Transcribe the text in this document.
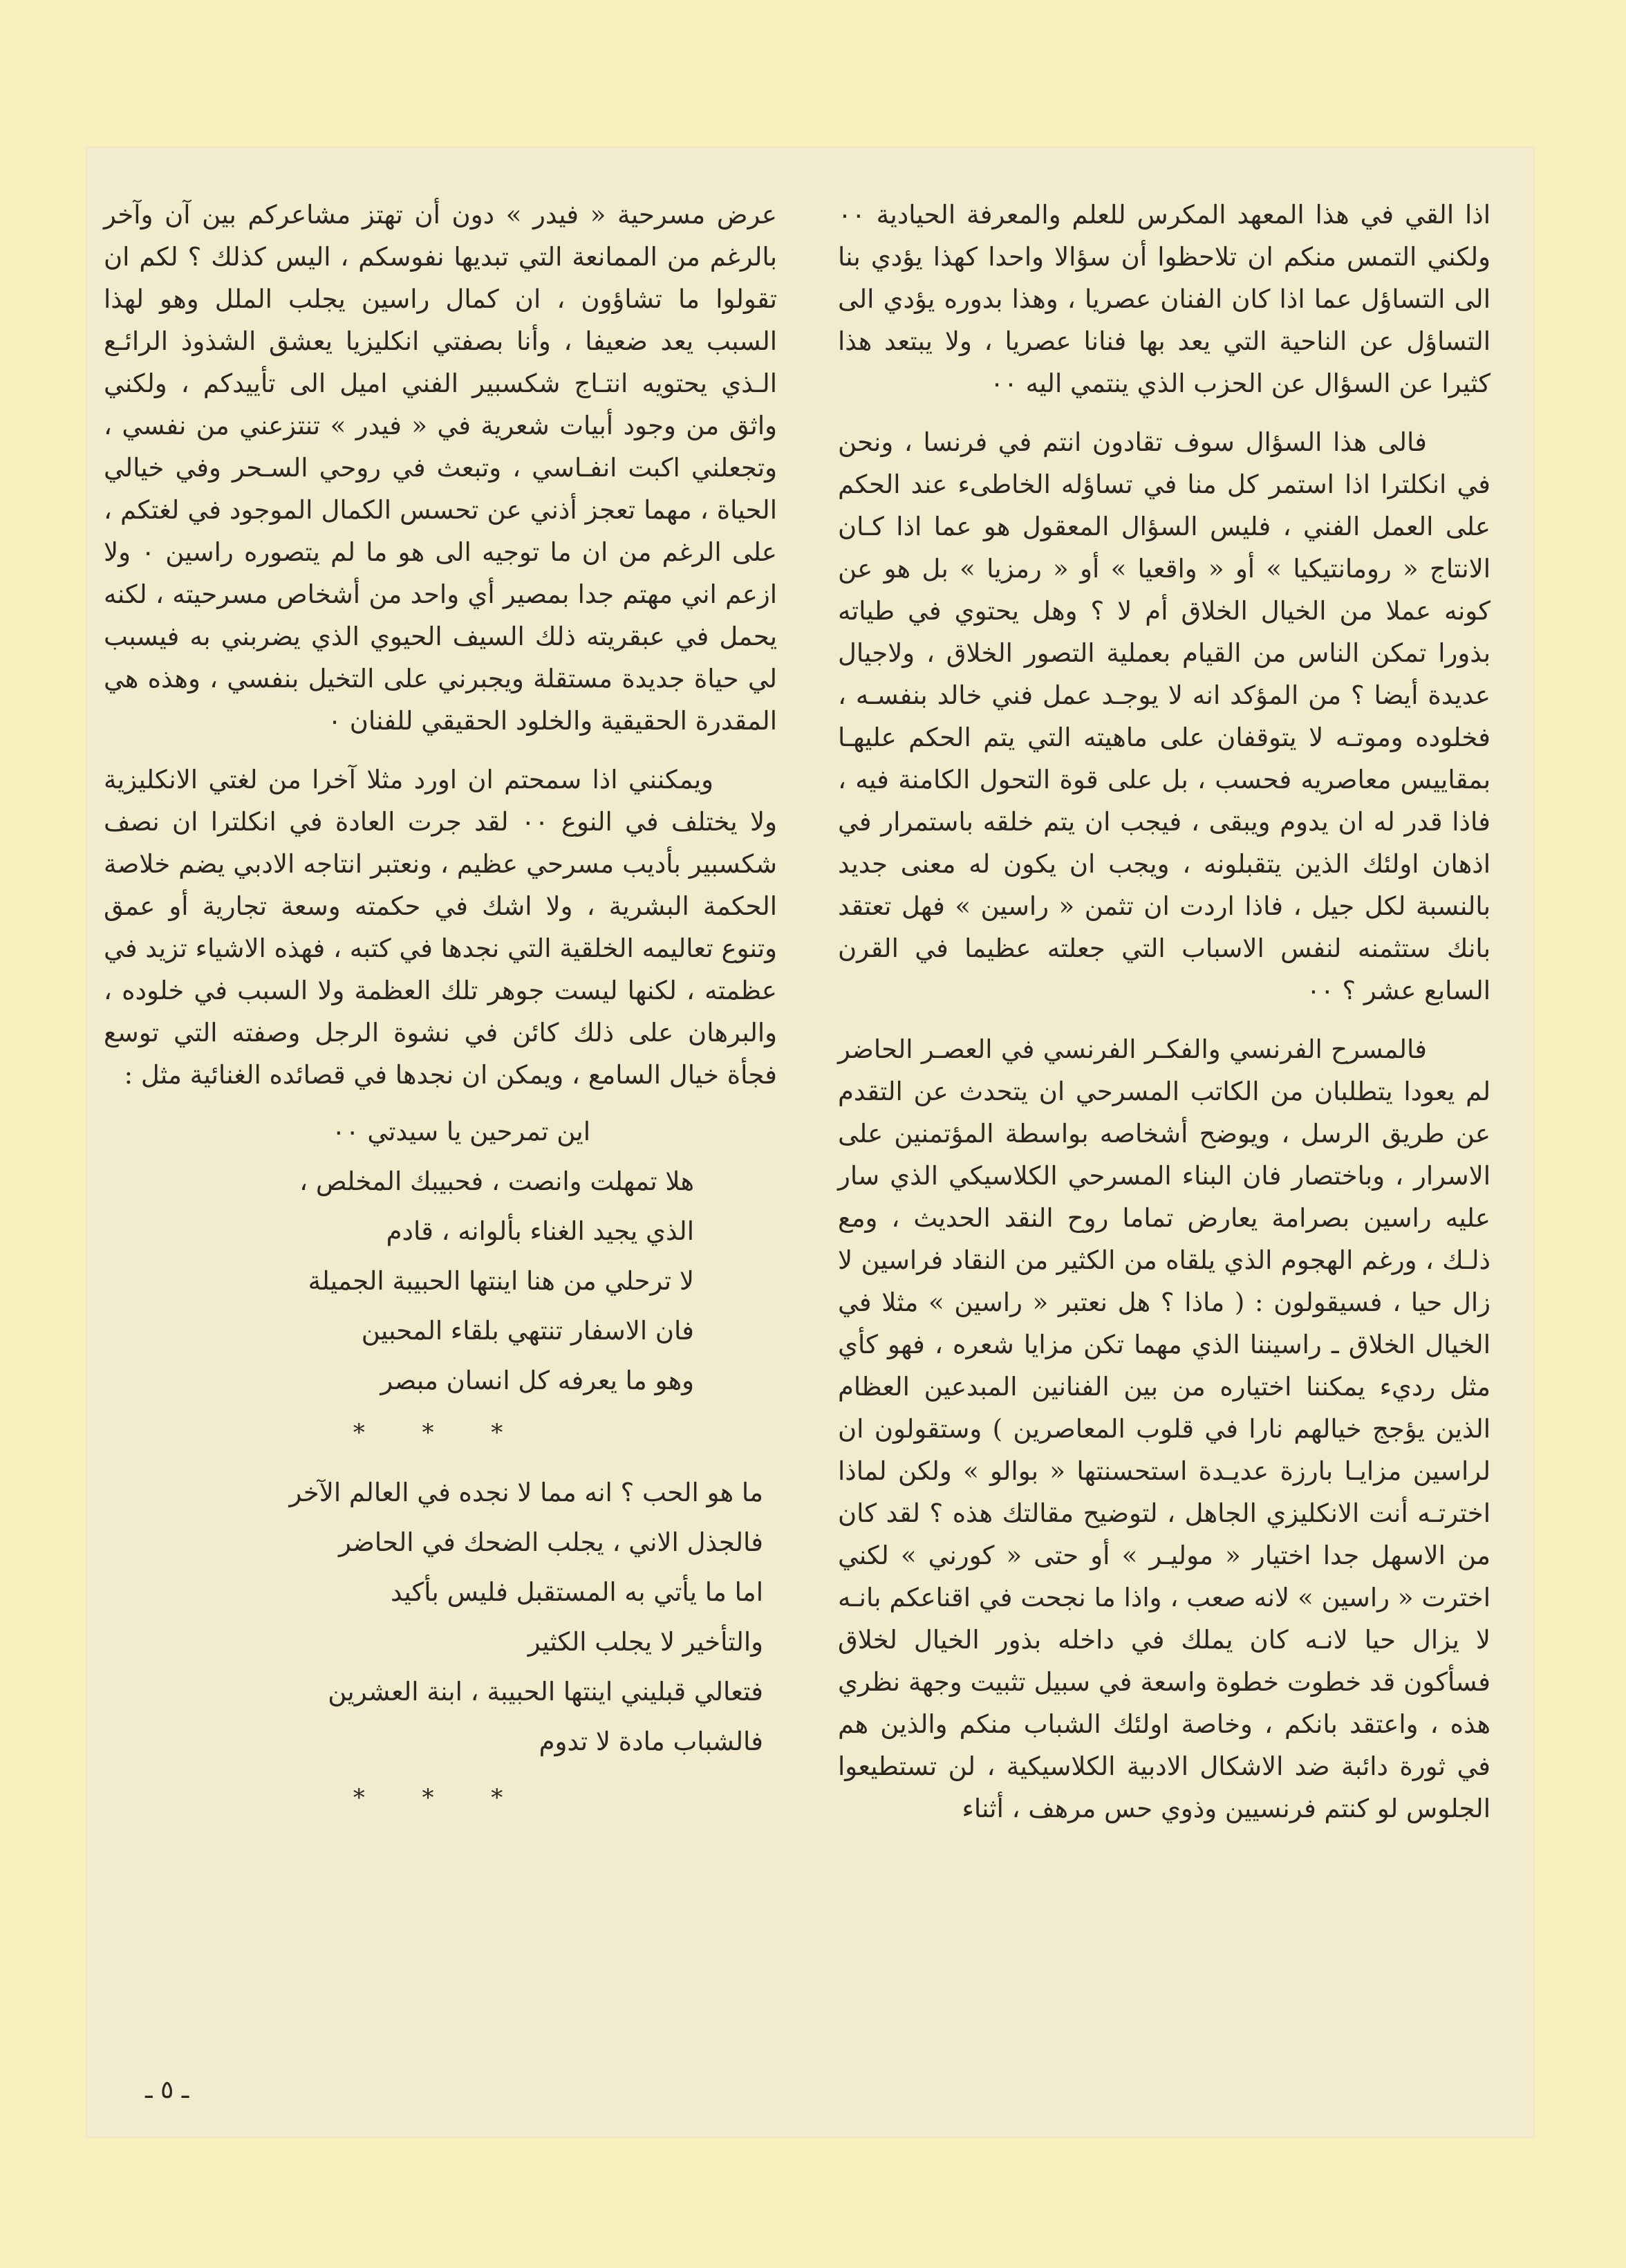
اذا القي في هذا المعهد المكرس للعلم والمعرفة الحيادية ٠٠ ولكني التمس منكم ان تلاحظوا أن سؤالا واحدا كهذا يؤدي بنا الى التساؤل عما اذا كان الفنان عصريا ، وهذا بدوره يؤدي الى التساؤل عن الناحية التي يعد بها فنانا عصريا ، ولا يبتعد هذا كثيرا عن السؤال عن الحزب الذي ينتمي اليه ٠٠

فالى هذا السؤال سوف تقادون انتم في فرنسا ، ونحن في انكلترا اذا استمر كل منا في تساؤله الخاطىء عند الحكم على العمل الفني ، فليس السؤال المعقول هو عما اذا كـان الانتاج « رومانتيكيا » أو « واقعيا » أو « رمزيا » بل هو عن كونه عملا من الخيال الخلاق أم لا ؟ وهل يحتوي في طياته بذورا تمكن الناس من القيام بعملية التصور الخلاق ، ولاجيال عديدة أيضا ؟ من المؤكد انه لا يوجـد عمل فني خالد بنفسـه ، فخلوده وموتـه لا يتوقفان على ماهيته التي يتم الحكم عليهـا بمقاييس معاصريه فحسب ، بل على قوة التحول الكامنة فيه ، فاذا قدر له ان يدوم ويبقى ، فيجب ان يتم خلقه باستمرار في اذهان اولئك الذين يتقبلونه ، ويجب ان يكون له معنى جديد بالنسبة لكل جيل ، فاذا اردت ان تثمن « راسين » فهل تعتقد بانك ستثمنه لنفس الاسباب التي جعلته عظيما في القرن السابع عشر ؟ ٠٠

فالمسرح الفرنسي والفكـر الفرنسي في العصـر الحاضر لم يعودا يتطلبان من الكاتب المسرحي ان يتحدث عن التقدم عن طريق الرسل ، ويوضح أشخاصه بواسطة المؤتمنين على الاسرار ، وباختصار فان البناء المسرحي الكلاسيكي الذي سار عليه راسين بصرامة يعارض تماما روح النقد الحديث ، ومع ذلـك ، ورغم الهجوم الذي يلقاه من الكثير من النقاد فراسين لا زال حيا ، فسيقولون : ( ماذا ؟ هل نعتبر « راسين » مثلا في الخيال الخلاق ـ راسيننا الذي مهما تكن مزايا شعره ، فهو كأي مثل رديء يمكننا اختياره من بين الفنانين المبدعين العظام الذين يؤجج خيالهم نارا في قلوب المعاصرين ) وستقولون ان لراسين مزايـا بارزة عديـدة استحسنتها « بوالو » ولكن لماذا اخترتـه أنت الانكليزي الجاهل ، لتوضيح مقالتك هذه ؟ لقد كان من الاسهل جدا اختيار « موليـر » أو حتى « كورني » لكني اخترت « راسين » لانه صعب ، واذا ما نجحت في اقناعكم بانـه لا يزال حيا لانـه كان يملك في داخله بذور الخيال لخلاق فسأكون قد خطوت خطوة واسعة في سبيل تثبيت وجهة نظري هذه ، واعتقد بانكم ، وخاصة اولئك الشباب منكم والذين هم في ثورة دائبة ضد الاشكال الادبية الكلاسيكية ، لن تستطيعوا الجلوس لو كنتم فرنسيين وذوي حس مرهف ، أثناء

عرض مسرحية « فيدر » دون أن تهتز مشاعركم بين آن وآخر بالرغم من الممانعة التي تبديها نفوسكم ، اليس كذلك ؟ لكم ان تقولوا ما تشاؤون ، ان كمال راسين يجلب الملل وهو لهذا السبب يعد ضعيفا ، وأنا بصفتي انكليزيا يعشق الشذوذ الرائـع الـذي يحتويه انتـاج شكسبير الفني اميل الى تأييدكم ، ولكني واثق من وجود أبيات شعرية في « فيدر » تنتزعني من نفسي ، وتجعلني اكبت انفـاسي ، وتبعث في روحي السـحر وفي خيالي الحياة ، مهما تعجز أذني عن تحسس الكمال الموجود في لغتكم ، على الرغم من ان ما توجيه الى هو ما لم يتصوره راسين ٠ ولا ازعم اني مهتم جدا بمصير أي واحد من أشخاص مسرحيته ، لكنه يحمل في عبقريته ذلك السيف الحيوي الذي يضربني به فيسبب لي حياة جديدة مستقلة ويجبرني على التخيل بنفسي ، وهذه هي المقدرة الحقيقية والخلود الحقيقي للفنان ٠

ويمكنني اذا سمحتم ان اورد مثلا آخرا من لغتي الانكليزية ولا يختلف في النوع ٠٠ لقد جرت العادة في انكلترا ان نصف شكسبير بأديب مسرحي عظيم ، ونعتبر انتاجه الادبي يضم خلاصة الحكمة البشرية ، ولا اشك في حكمته وسعة تجارية أو عمق وتنوع تعاليمه الخلقية التي نجدها في كتبه ، فهذه الاشياء تزيد في عظمته ، لكنها ليست جوهر تلك العظمة ولا السبب في خلوده ، والبرهان على ذلك كائن في نشوة الرجل وصفته التي توسع فجأة خيال السامع ، ويمكن ان نجدها في قصائده الغنائية مثل :

اين تمرحين يا سيدتي ٠٠
هلا تمهلت وانصت ، فحبيبك المخلص ،
الذي يجيد الغناء بألوانه ، قادم
لا ترحلي من هنا اينتها الحبيبة الجميلة
فان الاسفار تنتهي بلقاء المحبين
وهو ما يعرفه كل انسان مبصر
* * *
ما هو الحب ؟ انه مما لا نجده في العالم الآخر
فالجذل الاني ، يجلب الضحك في الحاضر
اما ما يأتي به المستقبل فليس بأكيد
والتأخير لا يجلب الكثير
فتعالي قبليني اينتها الحبيبة ، ابنة العشرين
فالشباب مادة لا تدوم
* * *
ـ ٥ ـ
